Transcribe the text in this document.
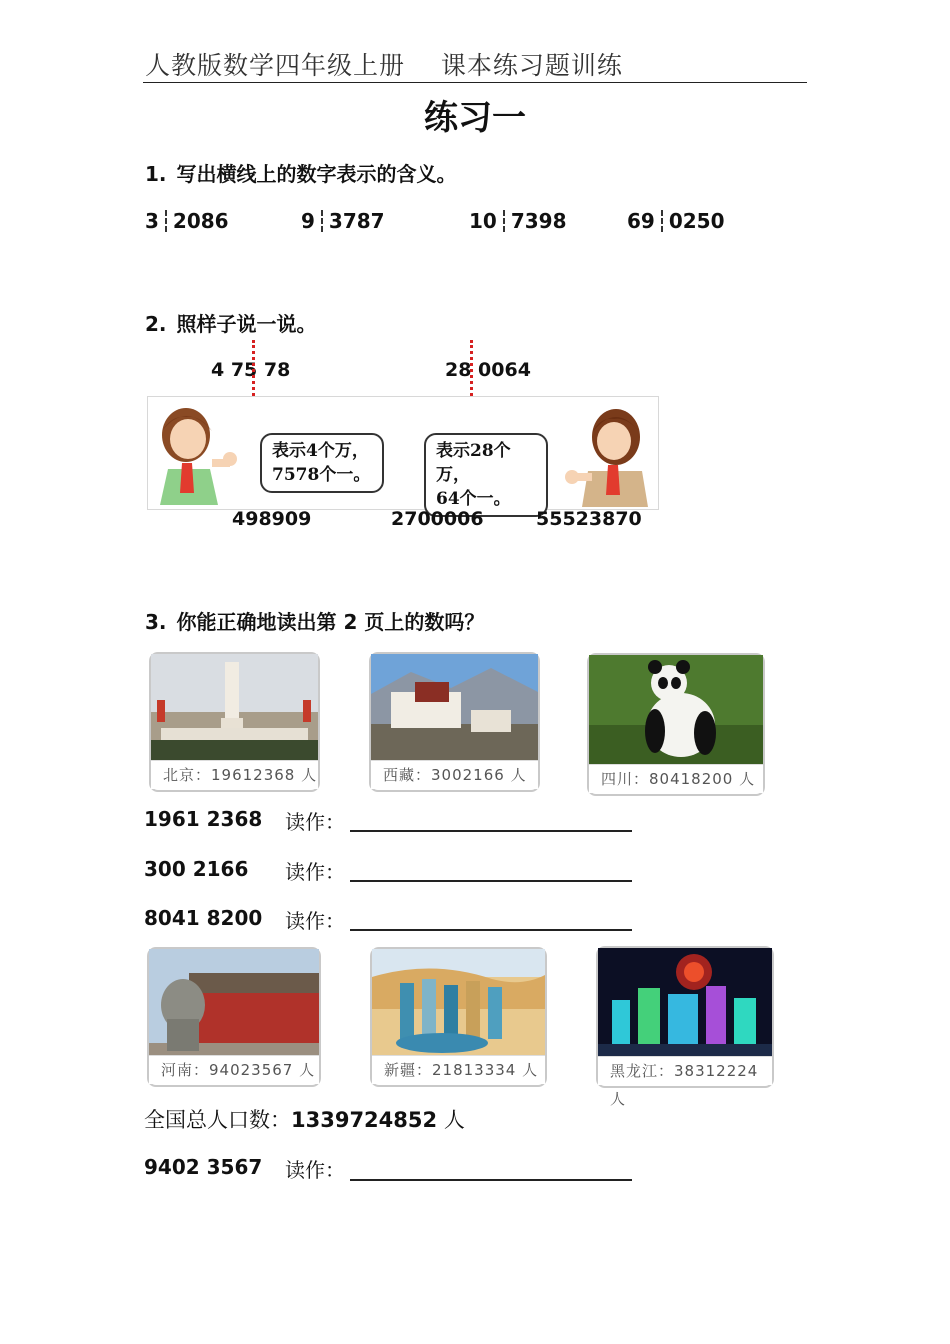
人教版数学四年级上册 课本练习题训练
练习一
1. 写出横线上的数字表示的含义。
3 2086	9 3787	10 7398	69 0250
2. 照样子说一说。
4 75 78	28 0064
表示4个万，
7578个一。
表示28个万，
64个一。
498909	2700006	55523870
3. 你能正确地读出第 2 页上的数吗？
北京：19612368 人	西藏：3002166 人	四川：80418200 人
1961 2368 读作：
300 2166 读作：
8041 8200 读作：
河南：94023567 人	新疆：21813334 人	黑龙江：38312224 人
全国总人口数：1339724852 人
9402 3567 读作：
